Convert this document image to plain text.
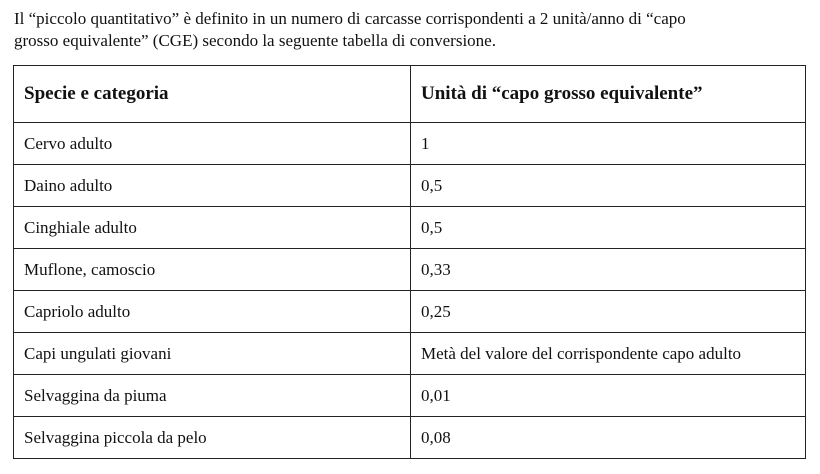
Il “piccolo quantitativo” è definito in un numero di carcasse corrispondenti a 2 unità/anno di “capo
grosso equivalente” (CGE) secondo la seguente tabella di conversione.

Specie e categoria	Unità di “capo grosso equivalente”
Cervo adulto	1
Daino adulto	0,5
Cinghiale adulto	0,5
Muflone, camoscio	0,33
Capriolo adulto	0,25
Capi ungulati giovani	Metà del valore del corrispondente capo adulto
Selvaggina da piuma	0,01
Selvaggina piccola da pelo	0,08
